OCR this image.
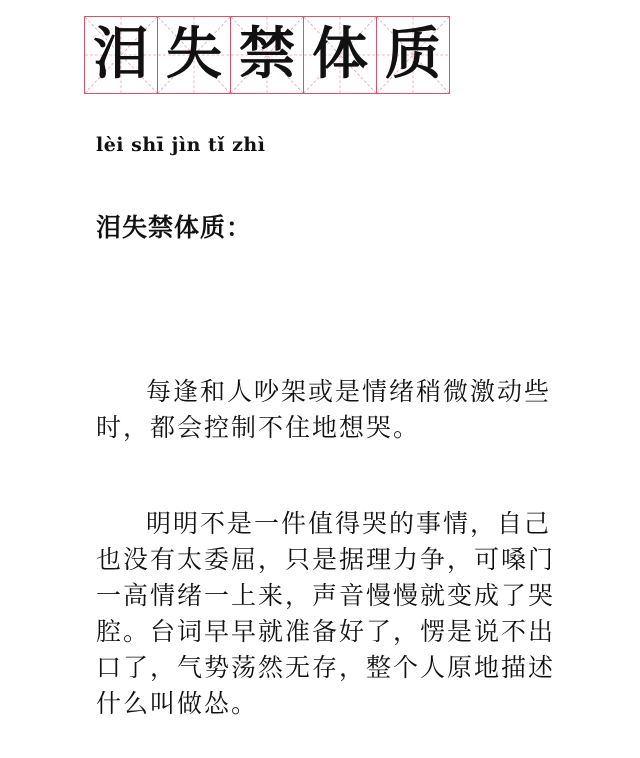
泪 失 禁 体 质
lèi shī jìn tǐ zhì
泪失禁体质：

每逢和人吵架或是情绪稍微激动些时，都会控制不住地想哭。

明明不是一件值得哭的事情，自己也没有太委屈，只是据理力争，可嗓门一高情绪一上来，声音慢慢就变成了哭腔。台词早早就准备好了，愣是说不出口了，气势荡然无存，整个人原地描述什么叫做怂。
